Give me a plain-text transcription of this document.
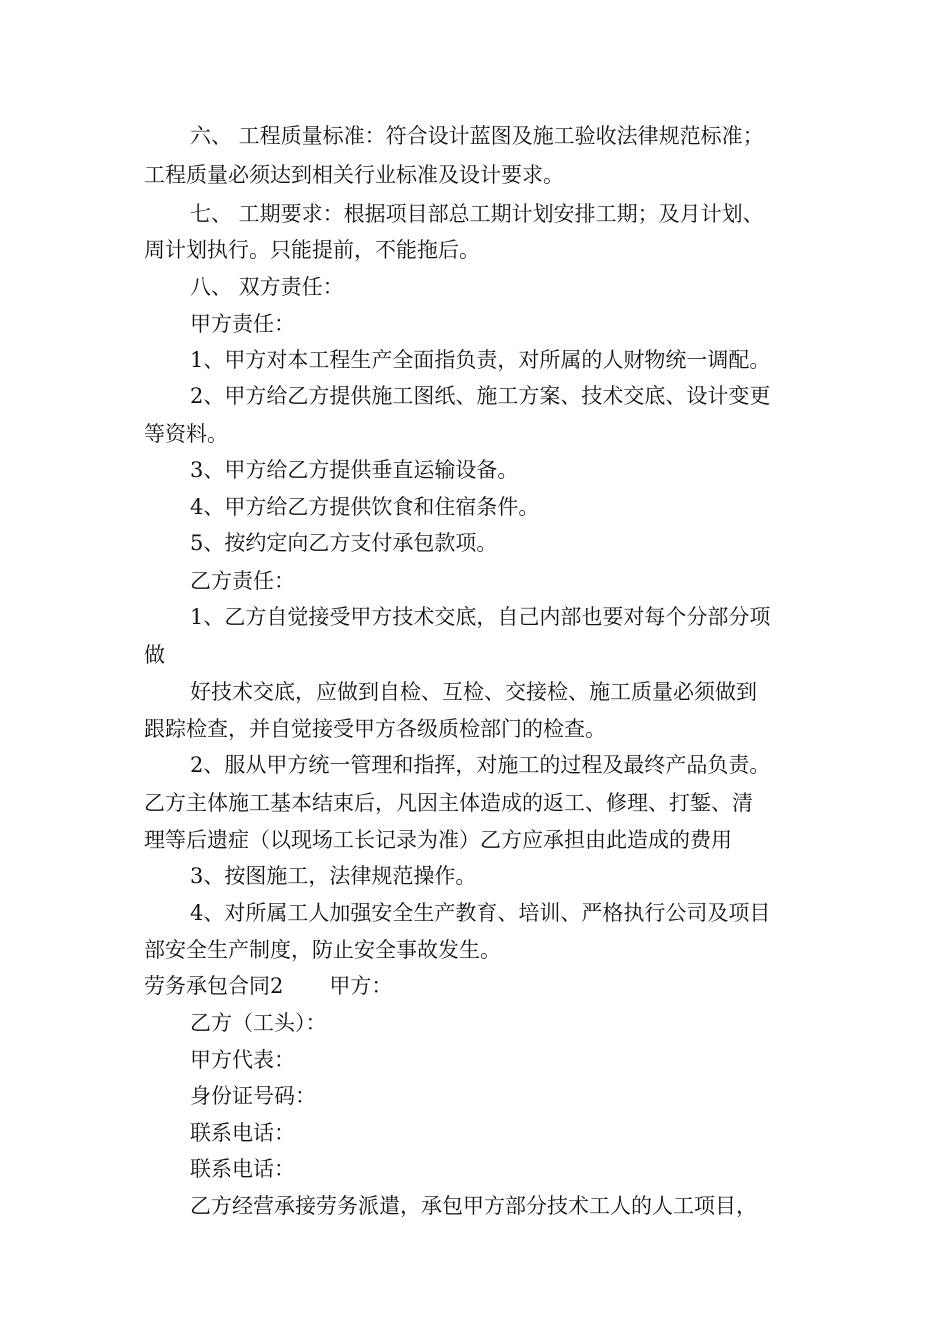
六、 工程质量标准：符合设计蓝图及施工验收法律规范标准；
工程质量必须达到相关行业标准及设计要求。
七、 工期要求：根据项目部总工期计划安排工期；及月计划、
周计划执行。只能提前，不能拖后。
八、 双方责任：
甲方责任：
1、甲方对本工程生产全面指负责，对所属的人财物统一调配。
2、甲方给乙方提供施工图纸、施工方案、技术交底、设计变更
等资料。
3、甲方给乙方提供垂直运输设备。
4、甲方给乙方提供饮食和住宿条件。
5、按约定向乙方支付承包款项。
乙方责任：
1、乙方自觉接受甲方技术交底，自己内部也要对每个分部分项
做
好技术交底，应做到自检、互检、交接检、施工质量必须做到
跟踪检查，并自觉接受甲方各级质检部门的检查。
2、服从甲方统一管理和指挥，对施工的过程及最终产品负责。
乙方主体施工基本结束后，凡因主体造成的返工、修理、打錾、清
理等后遗症（以现场工长记录为准）乙方应承担由此造成的费用
3、按图施工，法律规范操作。
4、对所属工人加强安全生产教育、培训、严格执行公司及项目
部安全生产制度，防止安全事故发生。
劳务承包合同2 甲方：
乙方（工头）：
甲方代表：
身份证号码：
联系电话：
联系电话：
乙方经营承接劳务派遣，承包甲方部分技术工人的人工项目，
